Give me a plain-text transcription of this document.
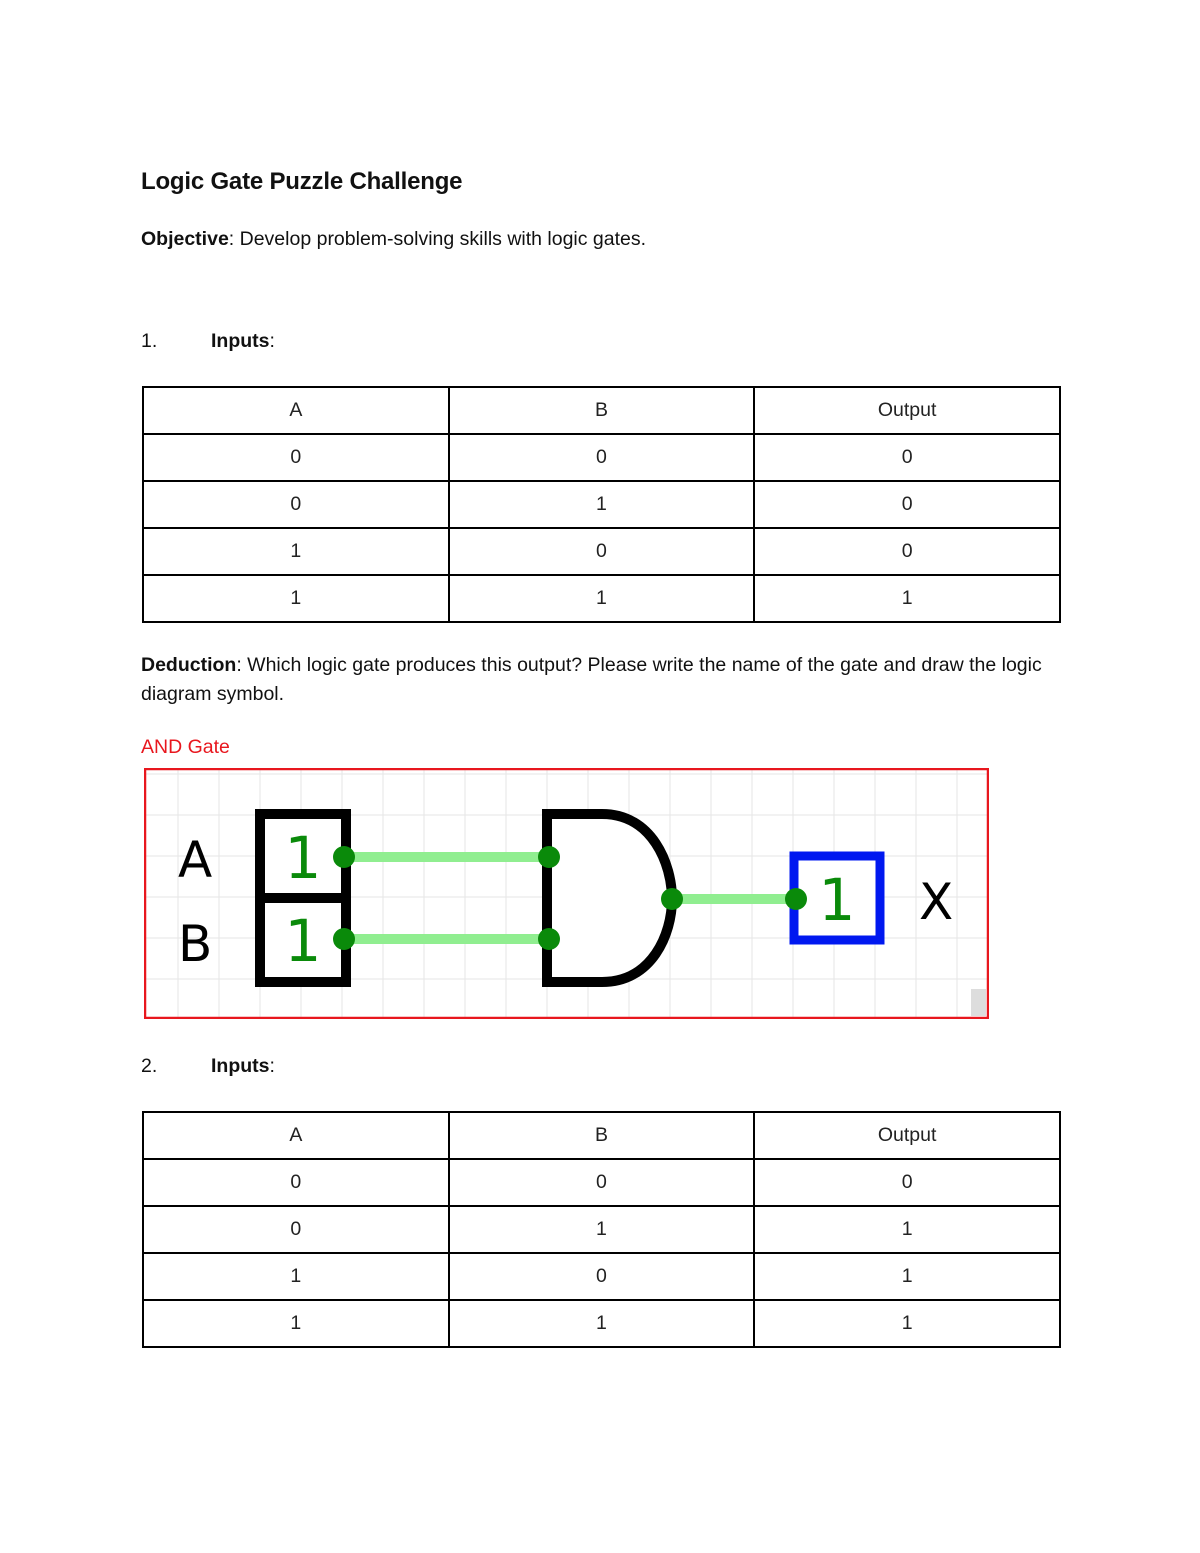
Logic Gate Puzzle Challenge
Objective: Develop problem-solving skills with logic gates.
1.	Inputs:
A	B	Output
0	0	0
0	1	0
1	0	0
1	1	1
Deduction: Which logic gate produces this output? Please write the name of the gate and draw the logic diagram symbol.
AND Gate
A
B
1
1
1 X
2.	Inputs:
A	B	Output
0	0	0
0	1	1
1	0	1
1	1	1
